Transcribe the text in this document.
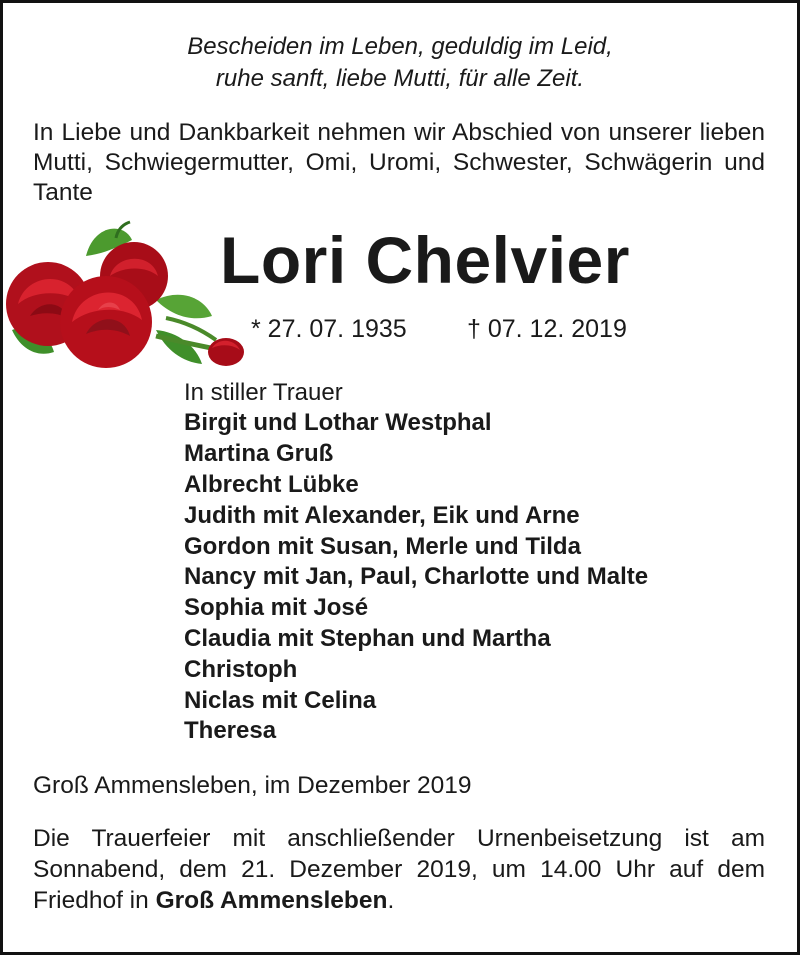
Bescheiden im Leben, geduldig im Leid,
ruhe sanft, liebe Mutti, für alle Zeit.
In Liebe und Dankbarkeit nehmen wir Abschied von unserer lieben Mutti, Schwiegermutter, Omi, Uromi, Schwester, Schwägerin und Tante
Lori Chelvier
* 27. 07. 1935 † 07. 12. 2019
In stiller Trauer
Birgit und Lothar Westphal
Martina Gruß
Albrecht Lübke
Judith mit Alexander, Eik und Arne
Gordon mit Susan, Merle und Tilda
Nancy mit Jan, Paul, Charlotte und Malte
Sophia mit José
Claudia mit Stephan und Martha
Christoph
Niclas mit Celina
Theresa
Groß Ammensleben, im Dezember 2019
Die Trauerfeier mit anschließender Urnenbeisetzung ist am Sonnabend, dem 21. Dezember 2019, um 14.00 Uhr auf dem Friedhof in Groß Ammensleben.
